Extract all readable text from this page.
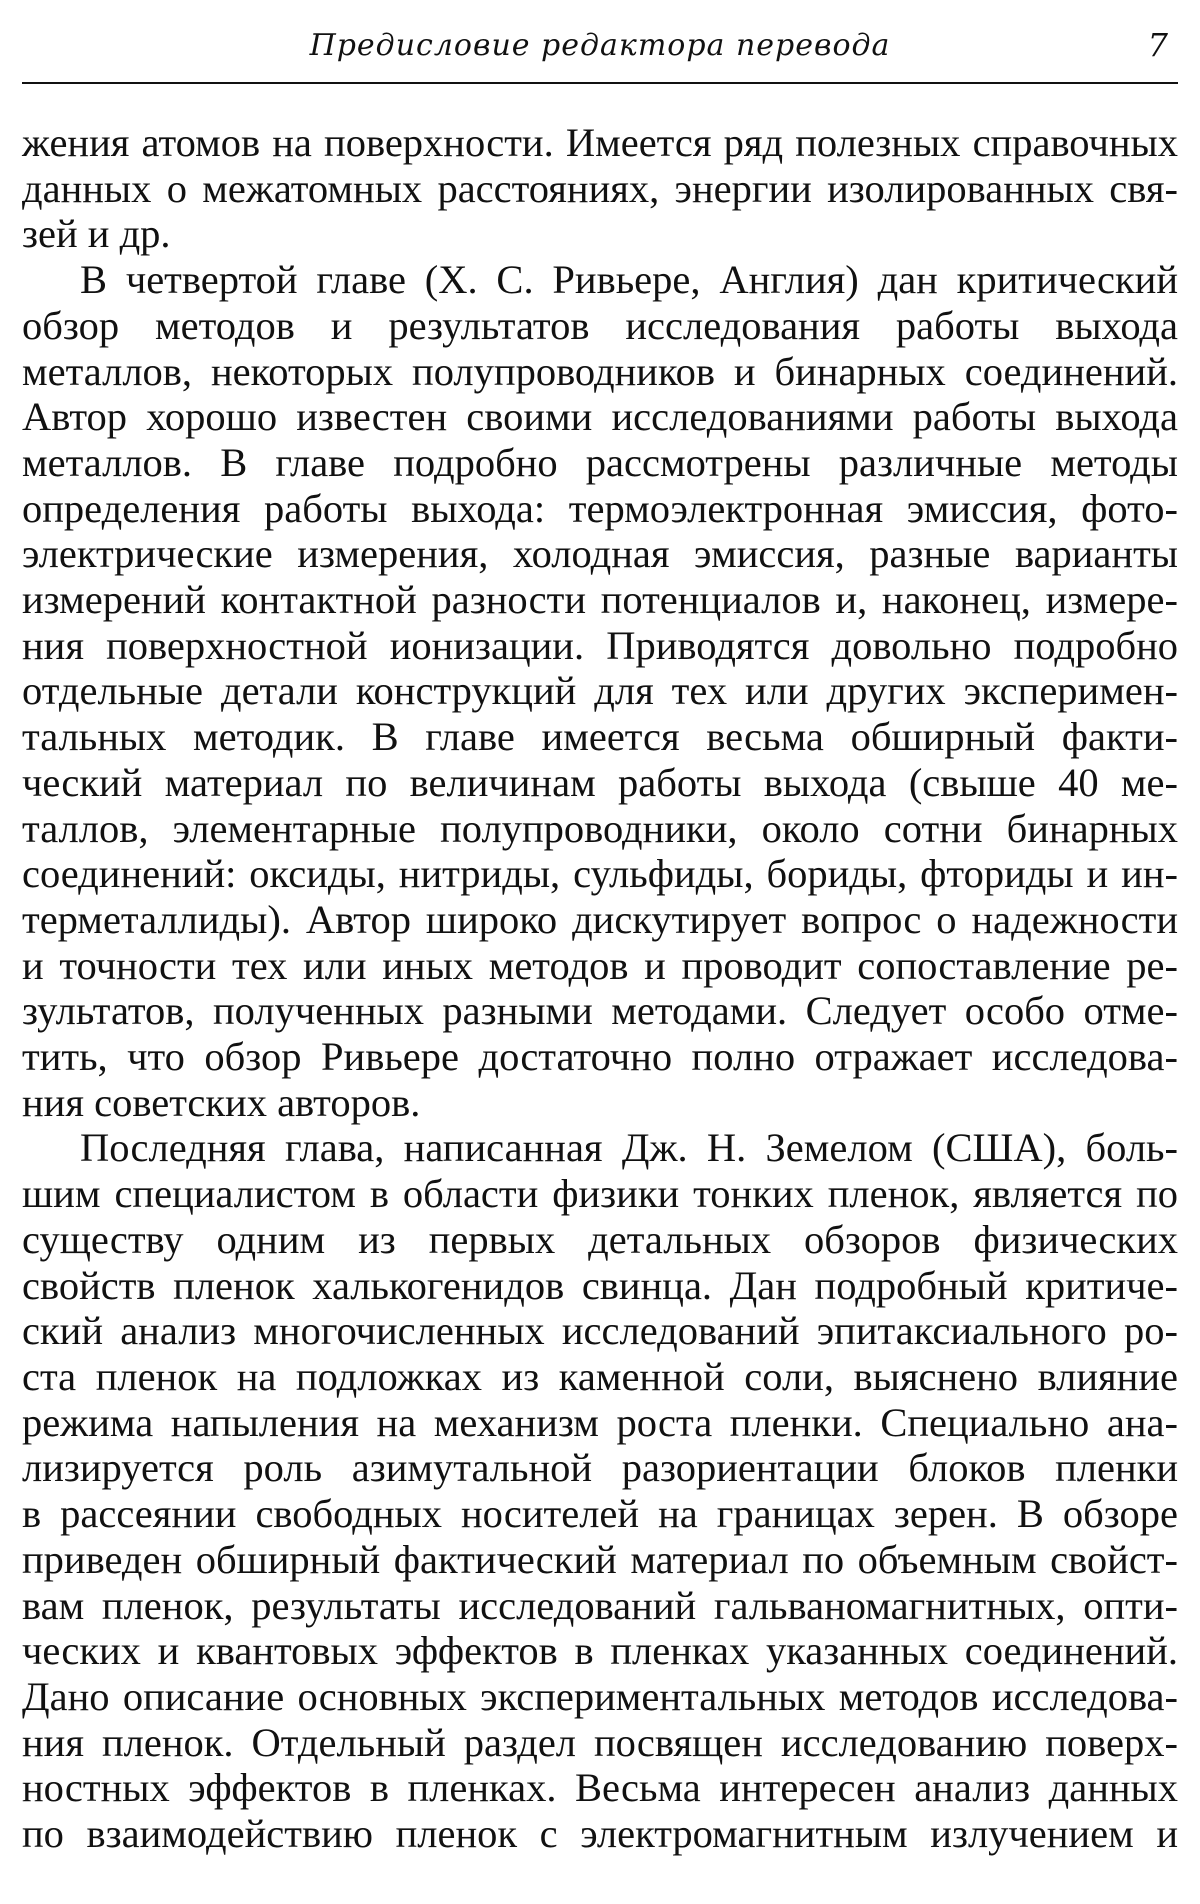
Предисловие редактора перевода	7

жения атомов на поверхности. Имеется ряд полезных справочных

данных о межатомных расстояниях, энергии изолированных свя-

зей и др.

В четвертой главе (X. С. Ривьере, Англия) дан критический

обзор методов и результатов исследования работы выхода

металлов, некоторых полупроводников и бинарных соединений.

Автор хорошо известен своими исследованиями работы выхода

металлов. В главе подробно рассмотрены различные методы

определения работы выхода: термоэлектронная эмиссия, фото-

электрические измерения, холодная эмиссия, разные варианты

измерений контактной разности потенциалов и, наконец, измере-

ния поверхностной ионизации. Приводятся довольно подробно

отдельные детали конструкций для тех или других эксперимен-

тальных методик. В главе имеется весьма обширный факти-

ческий материал по величинам работы выхода (свыше 40 ме-

таллов, элементарные полупроводники, около сотни бинарных

соединений: оксиды, нитриды, сульфиды, бориды, фториды и ин-

терметаллиды). Автор широко дискутирует вопрос о надежности

и точности тех или иных методов и проводит сопоставление ре-

зультатов, полученных разными методами. Следует особо отме-

тить, что обзор Ривьере достаточно полно отражает исследова-

ния советских авторов.

Последняя глава, написанная Дж. Н. Земелом (США), боль-

шим специалистом в области физики тонких пленок, является по

существу одним из первых детальных обзоров физических

свойств пленок халькогенидов свинца. Дан подробный критиче-

ский анализ многочисленных исследований эпитаксиального ро-

ста пленок на подложках из каменной соли, выяснено влияние

режима напыления на механизм роста пленки. Специально ана-

лизируется роль азимутальной разориентации блоков пленки

в рассеянии свободных носителей на границах зерен. В обзоре

приведен обширный фактический материал по объемным свойст-

вам пленок, результаты исследований гальваномагнитных, опти-

ческих и квантовых эффектов в пленках указанных соединений.

Дано описание основных экспериментальных методов исследова-

ния пленок. Отдельный раздел посвящен исследованию поверх-

ностных эффектов в пленках. Весьма интересен анализ данных

по взаимодействию пленок с электромагнитным излучением и
